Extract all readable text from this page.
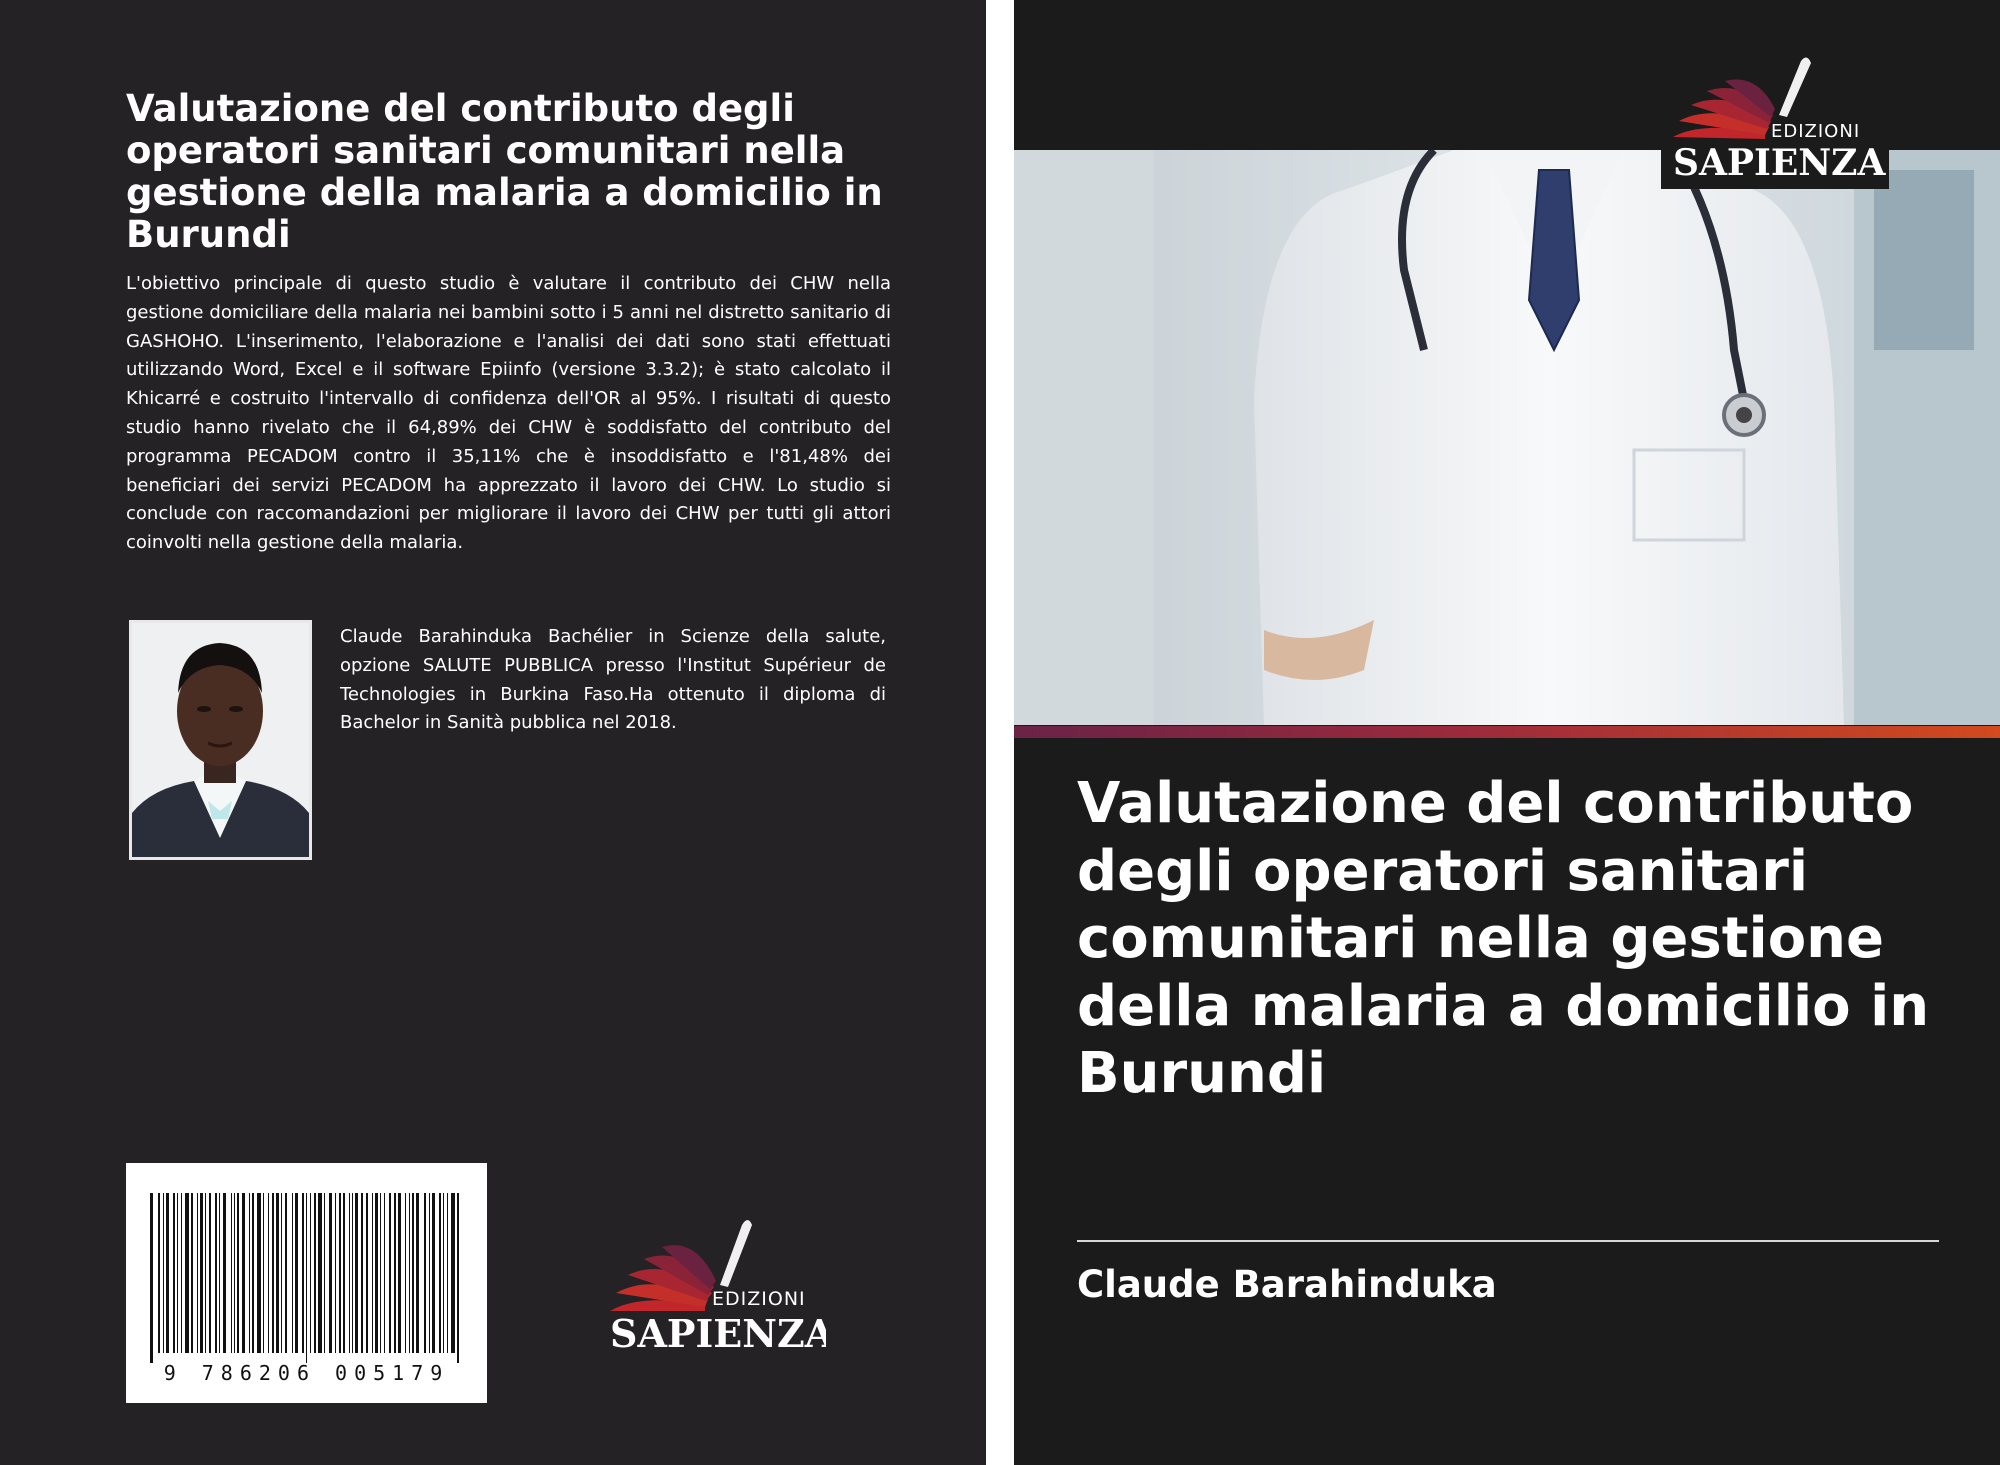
Valutazione del contributo degli operatori sanitari comunitari nella gestione della malaria a domicilio in Burundi

L'obiettivo principale di questo studio è valutare il contributo dei CHW nella gestione domiciliare della malaria nei bambini sotto i 5 anni nel distretto sanitario di GASHOHO. L'inserimento, l'elaborazione e l'analisi dei dati sono stati effettuati utilizzando Word, Excel e il software Epiinfo (versione 3.3.2); è stato calcolato il Khicarré e costruito l'intervallo di confidenza dell'OR al 95%. I risultati di questo studio hanno rivelato che il 64,89% dei CHW è soddisfatto del contributo del programma PECADOM contro il 35,11% che è insoddisfatto e l'81,48% dei beneficiari dei servizi PECADOM ha apprezzato il lavoro dei CHW. Lo studio si conclude con raccomandazioni per migliorare il lavoro dei CHW per tutti gli attori coinvolti nella gestione della malaria.

Claude Barahinduka Bachélier in Scienze della salute, opzione SALUTE PUBBLICA presso l'Institut Supérieur de Technologies in Burkina Faso.Ha ottenuto il diploma di Bachelor in Sanità pubblica nel 2018.

9 786206 005179
EDIZIONI
SAPIENZA
Valutazione del contributo degli operatori sanitari comunitari nella gestione della malaria a domicilio in Burundi

Claude Barahinduka

EDIZIONI
SAPIENZA
